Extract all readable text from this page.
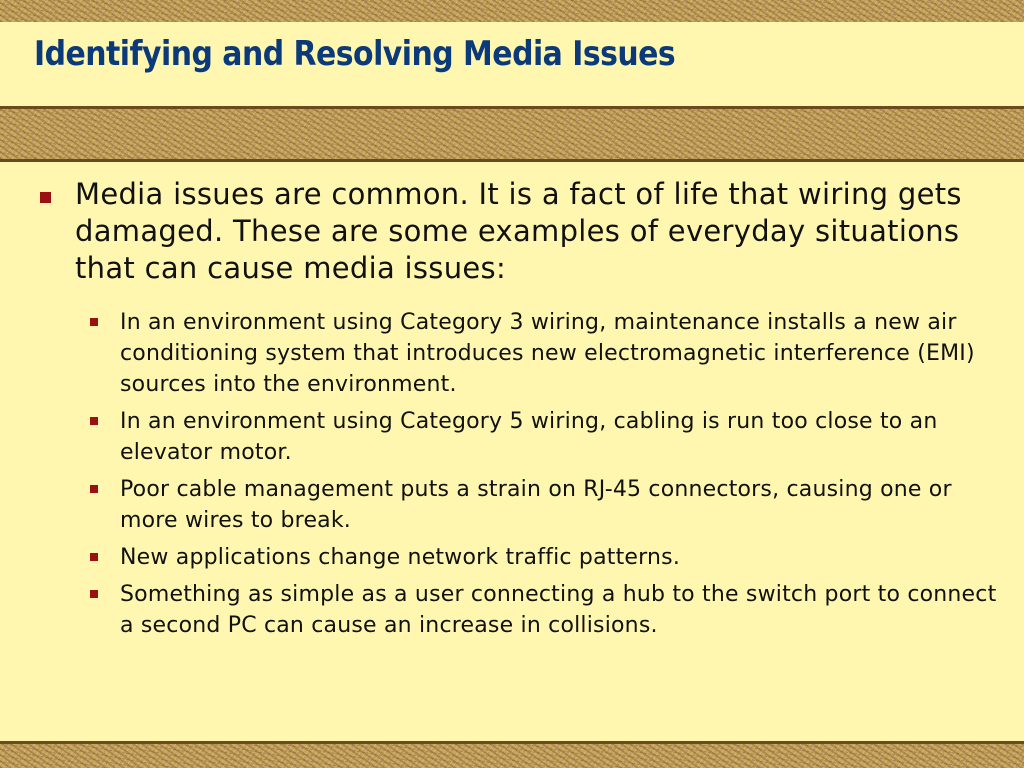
Identifying and Resolving Media Issues
Media issues are common. It is a fact of life that wiring gets damaged. These are some examples of everyday situations that can cause media issues:
In an environment using Category 3 wiring, maintenance installs a new air conditioning system that introduces new electromagnetic interference (EMI) sources into the environment.
In an environment using Category 5 wiring, cabling is run too close to an elevator motor.
Poor cable management puts a strain on RJ-45 connectors, causing one or more wires to break.
New applications change network traffic patterns.
Something as simple as a user connecting a hub to the switch port to connect a second PC can cause an increase in collisions.
